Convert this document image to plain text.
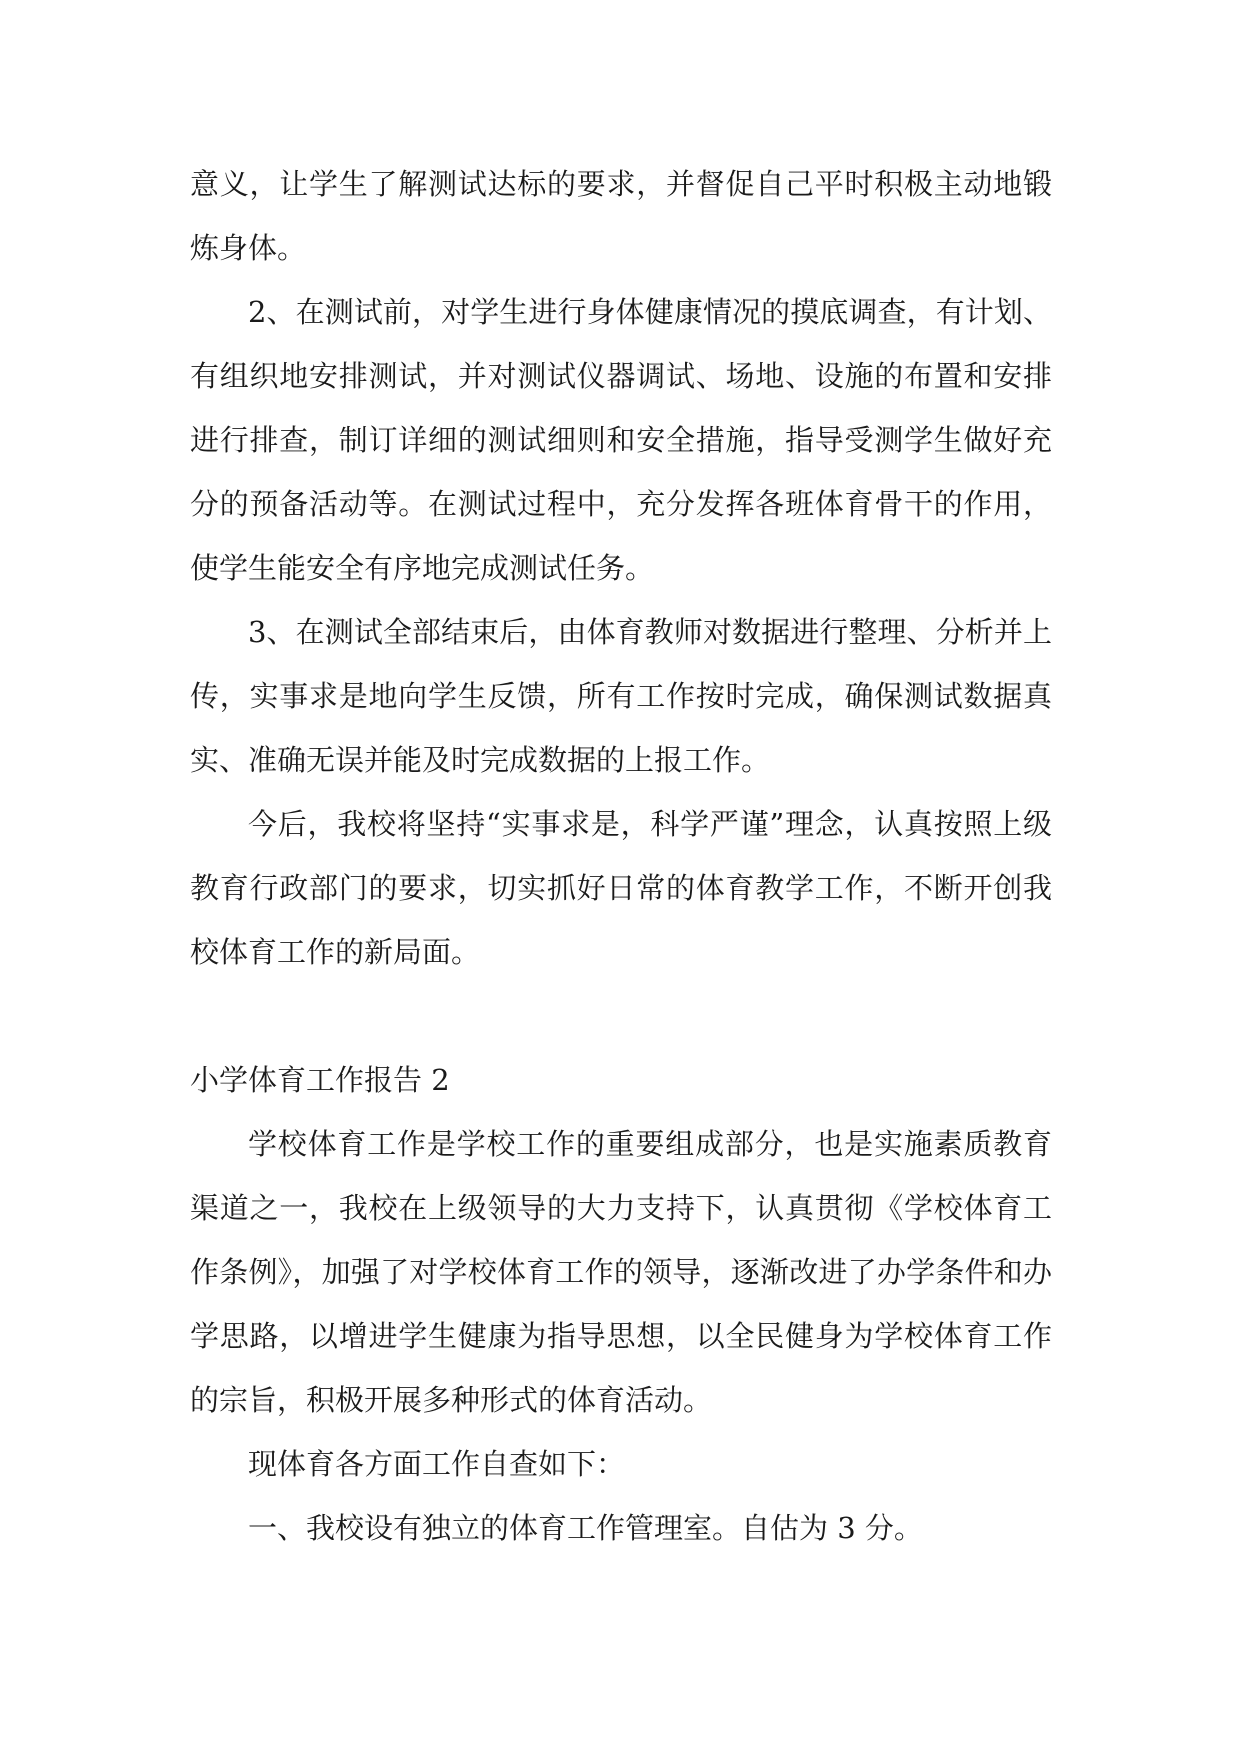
意义，让学生了解测试达标的要求，并督促自己平时积极主动地锻炼身体。

2、在测试前，对学生进行身体健康情况的摸底调查，有计划、有组织地安排测试，并对测试仪器调试、场地、设施的布置和安排进行排查，制订详细的测试细则和安全措施，指导受测学生做好充分的预备活动等。在测试过程中，充分发挥各班体育骨干的作用，使学生能安全有序地完成测试任务。

3、在测试全部结束后，由体育教师对数据进行整理、分析并上传，实事求是地向学生反馈，所有工作按时完成，确保测试数据真实、准确无误并能及时完成数据的上报工作。

今后，我校将坚持“实事求是，科学严谨”理念，认真按照上级教育行政部门的要求，切实抓好日常的体育教学工作，不断开创我校体育工作的新局面。

小学体育工作报告 2

学校体育工作是学校工作的重要组成部分，也是实施素质教育渠道之一，我校在上级领导的大力支持下，认真贯彻《学校体育工作条例》，加强了对学校体育工作的领导，逐渐改进了办学条件和办学思路，以增进学生健康为指导思想，以全民健身为学校体育工作的宗旨，积极开展多种形式的体育活动。

现体育各方面工作自查如下：

一、我校设有独立的体育工作管理室。自估为 3 分。
